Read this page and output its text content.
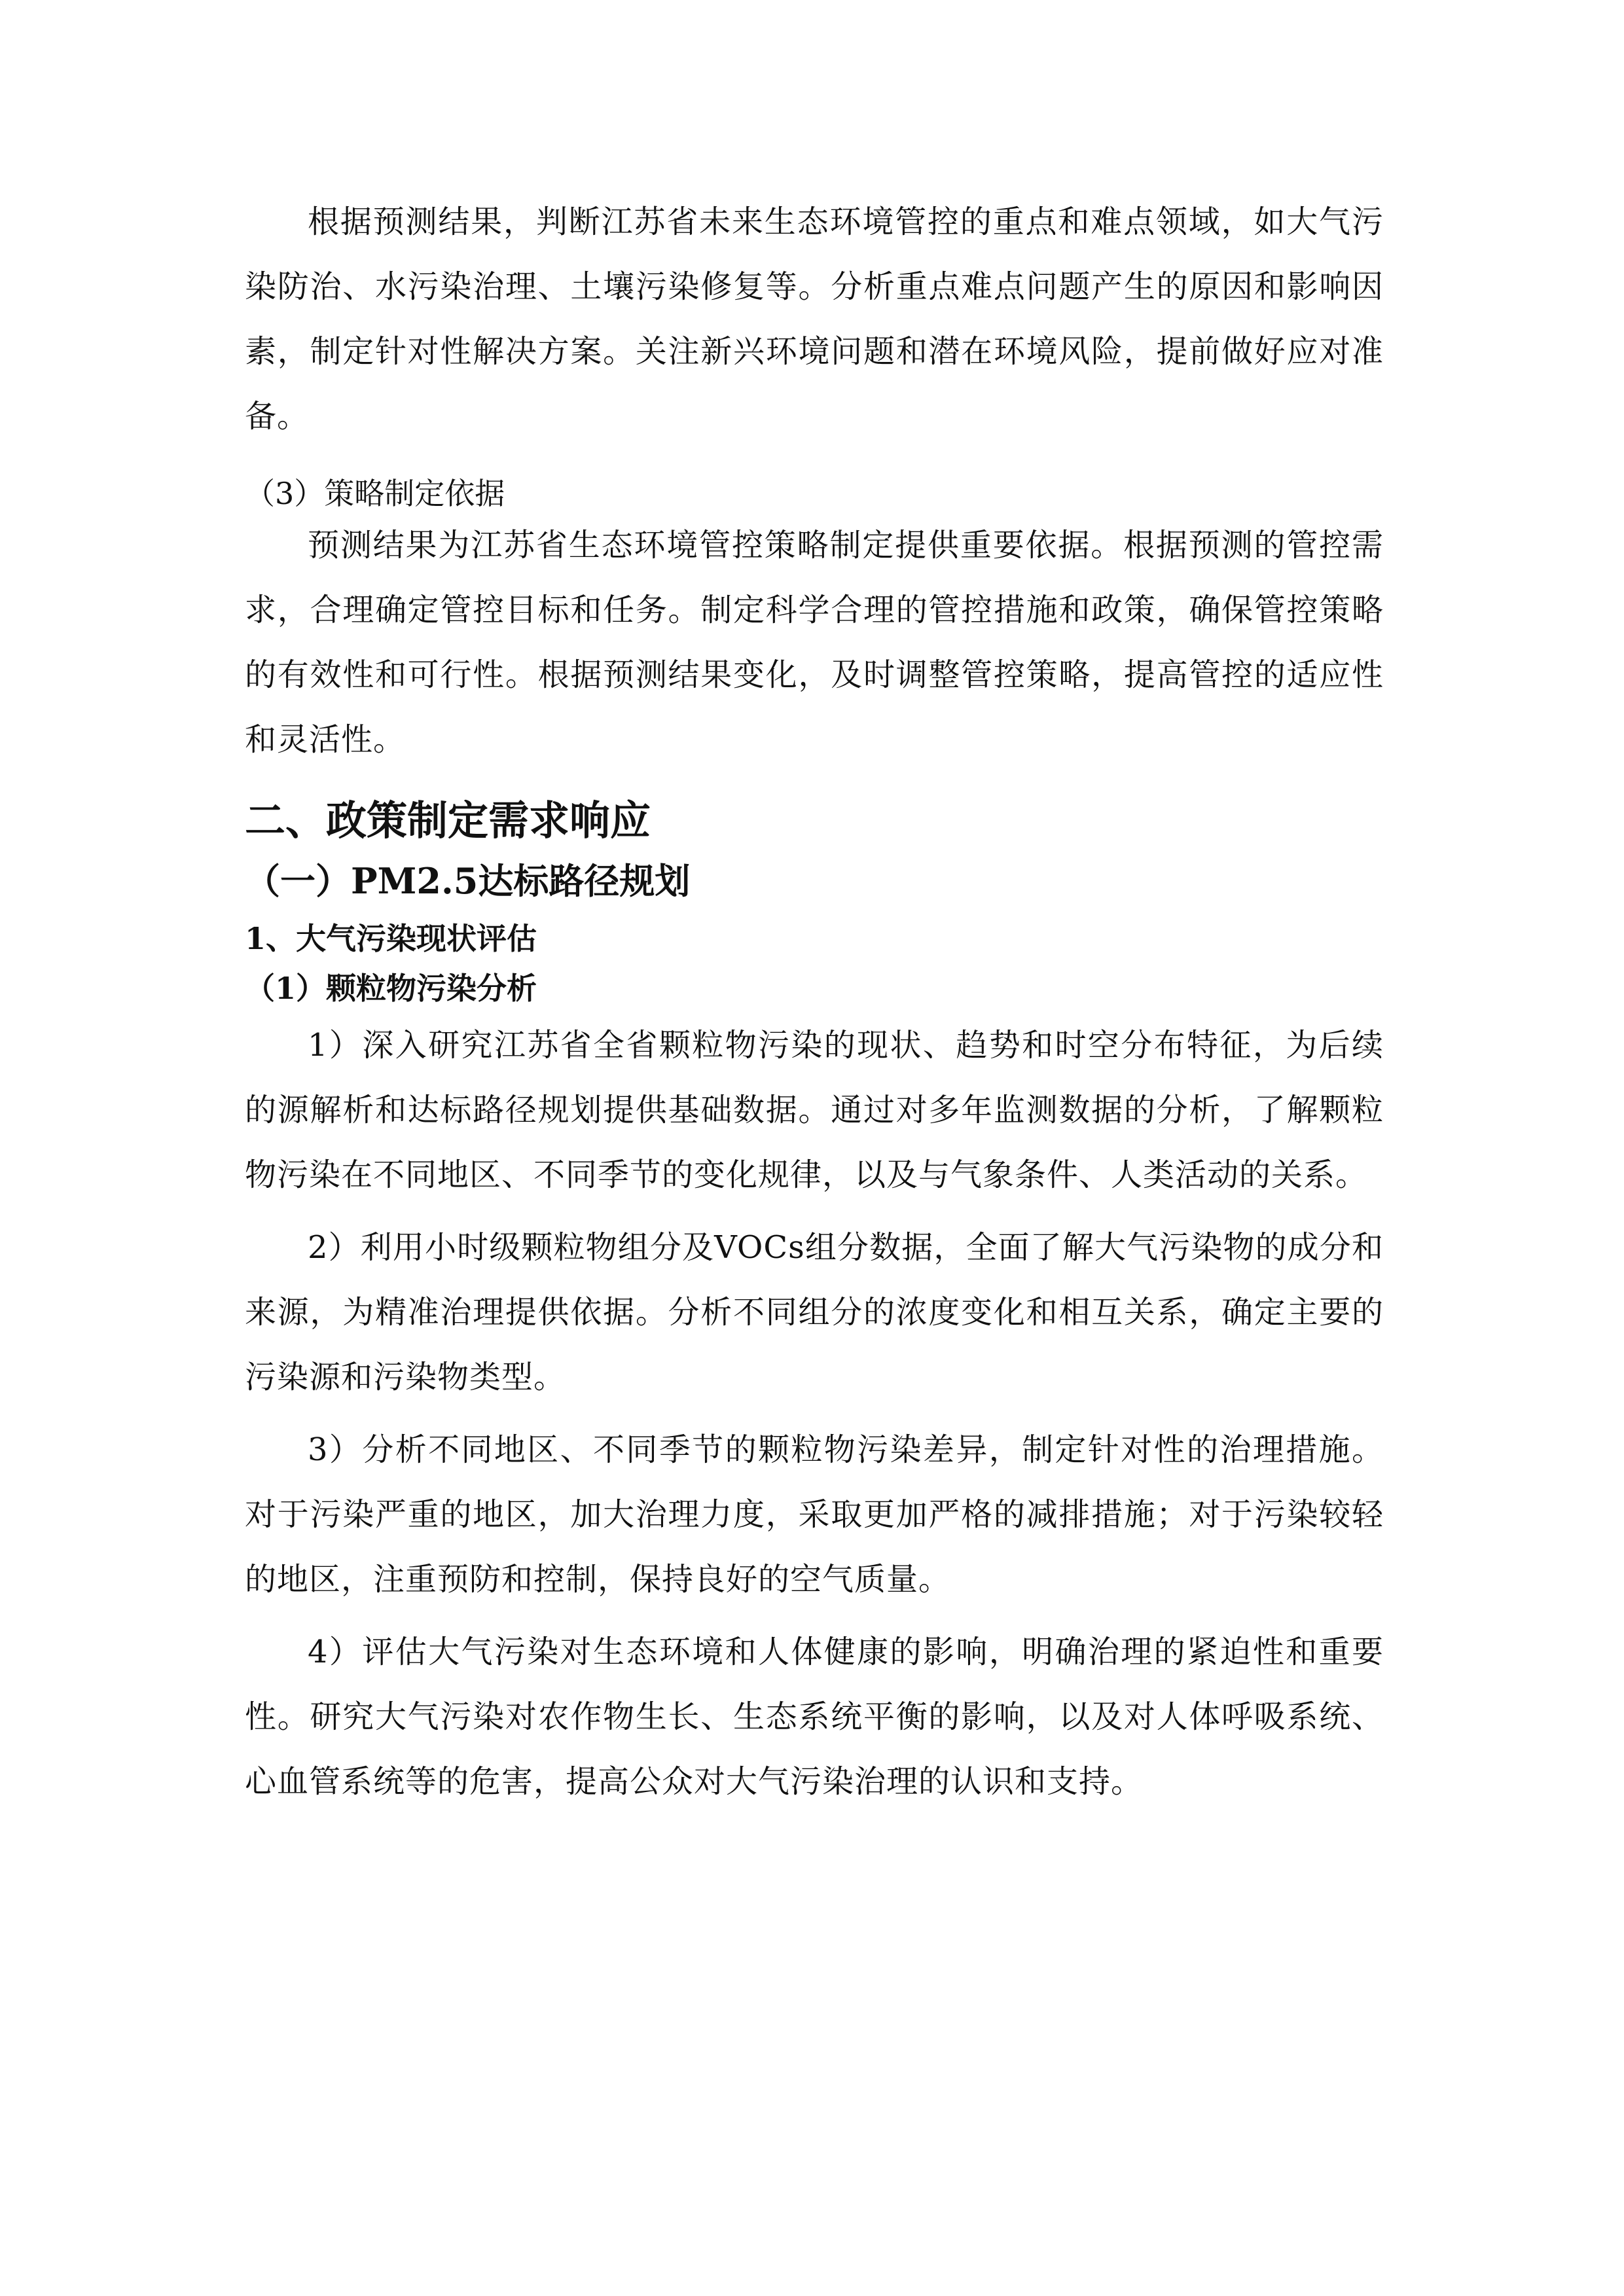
根据预测结果，判断江苏省未来生态环境管控的重点和难点领域，如大气污染防治、水污染治理、土壤污染修复等。分析重点难点问题产生的原因和影响因素，制定针对性解决方案。关注新兴环境问题和潜在环境风险，提前做好应对准备。

（3）策略制定依据

预测结果为江苏省生态环境管控策略制定提供重要依据。根据预测的管控需求，合理确定管控目标和任务。制定科学合理的管控措施和政策，确保管控策略的有效性和可行性。根据预测结果变化，及时调整管控策略，提高管控的适应性和灵活性。

二、政策制定需求响应
（一）PM2.5达标路径规划
1、大气污染现状评估
（1）颗粒物污染分析

1）深入研究江苏省全省颗粒物污染的现状、趋势和时空分布特征，为后续的源解析和达标路径规划提供基础数据。通过对多年监测数据的分析，了解颗粒物污染在不同地区、不同季节的变化规律，以及与气象条件、人类活动的关系。

2）利用小时级颗粒物组分及VOCs组分数据，全面了解大气污染物的成分和来源，为精准治理提供依据。分析不同组分的浓度变化和相互关系，确定主要的污染源和污染物类型。

3）分析不同地区、不同季节的颗粒物污染差异，制定针对性的治理措施。对于污染严重的地区，加大治理力度，采取更加严格的减排措施；对于污染较轻的地区，注重预防和控制，保持良好的空气质量。

4）评估大气污染对生态环境和人体健康的影响，明确治理的紧迫性和重要性。研究大气污染对农作物生长、生态系统平衡的影响，以及对人体呼吸系统、心血管系统等的危害，提高公众对大气污染治理的认识和支持。
